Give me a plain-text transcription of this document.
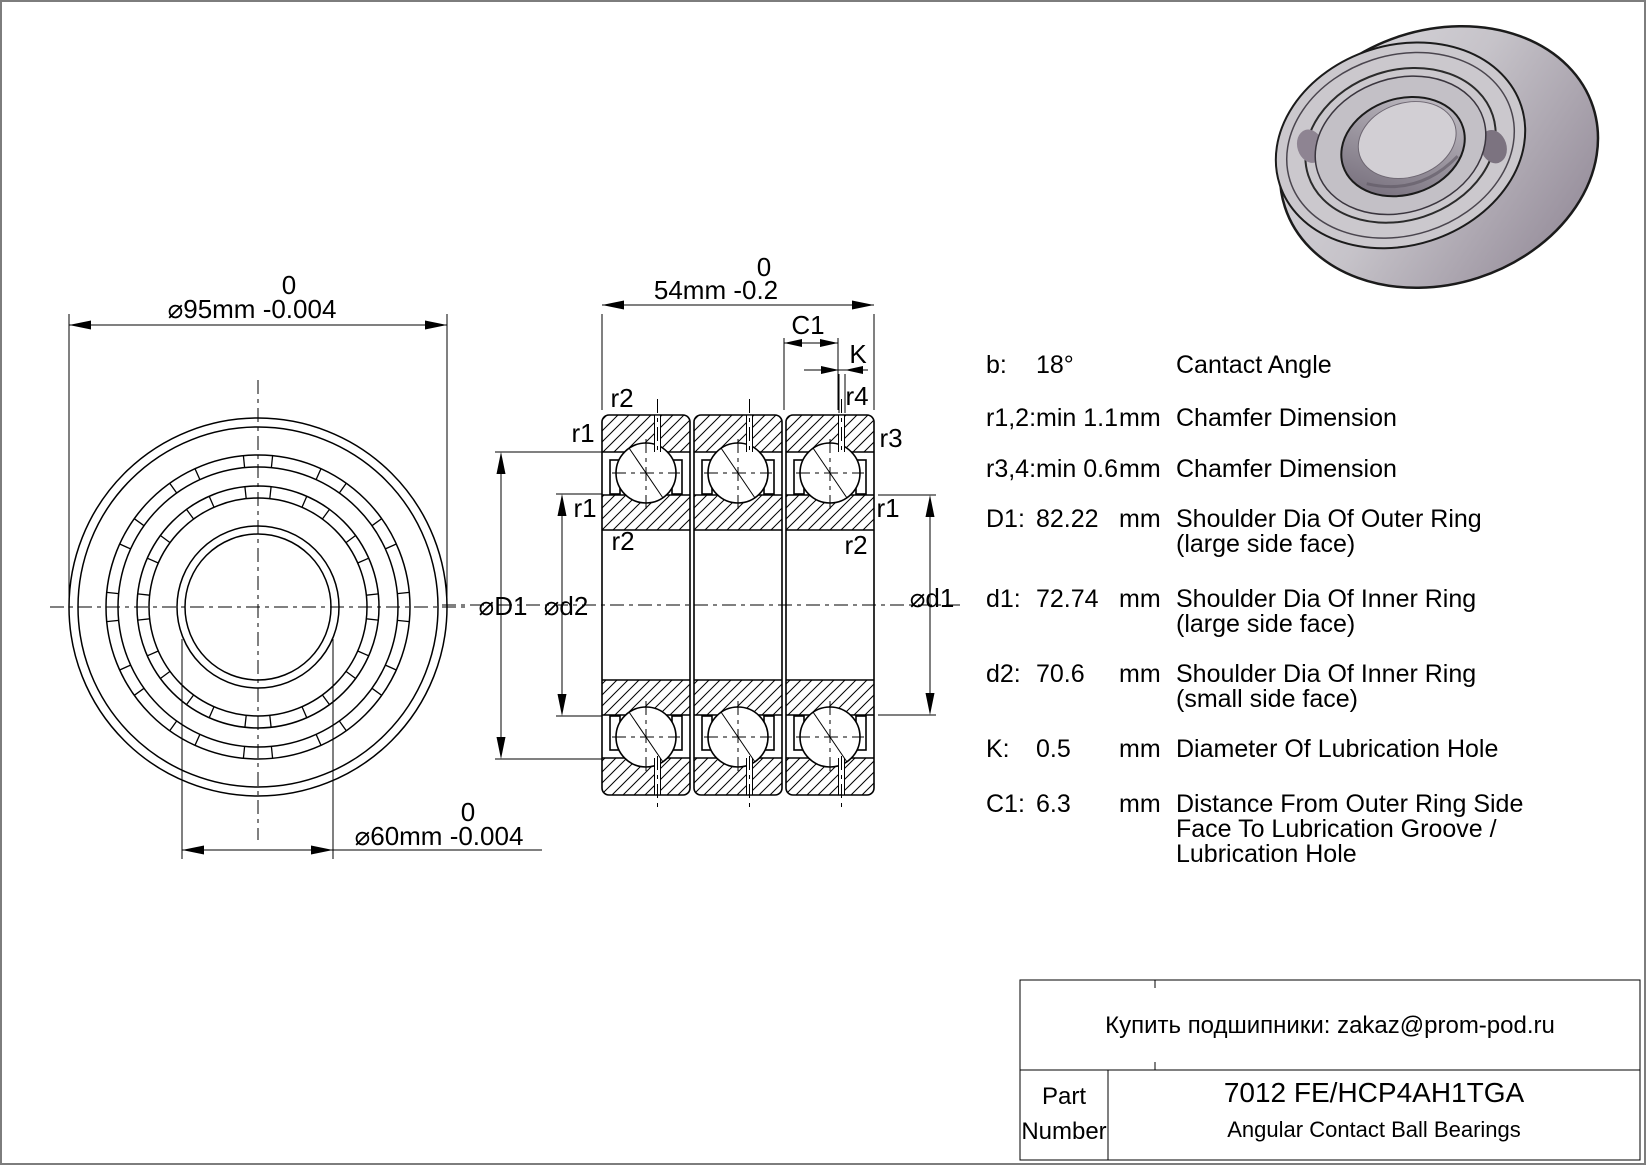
⌀95mm -0.004
0
⌀60mm -0.004
0
54mm -0.2
0
C1
K
⌀D1 ⌀d2	⌀d1
r2
r1
r1
r2
r4
r3
r1
r2
b: 18°	Cantact Angle
r1,2: min 1.1 mm Chamfer Dimension
r3,4: min 0.6 mm Chamfer Dimension
D1: 82.22 mm Shoulder Dia Of Outer Ring
(large side face)
d1: 72.74 mm Shoulder Dia Of Inner Ring
(large side face)
d2: 70.6 mm Shoulder Dia Of Inner Ring
(small side face)
K: 0.5 mm Diameter Of Lubrication Hole
C1: 6.3 mm Distance From Outer Ring Side
Face To Lubrication Groove /
Lubrication Hole
Купить подшипники: zakaz@prom-pod.ru
Part
Number
7012 FE/HCP4AH1TGA
Angular Contact Ball Bearings
